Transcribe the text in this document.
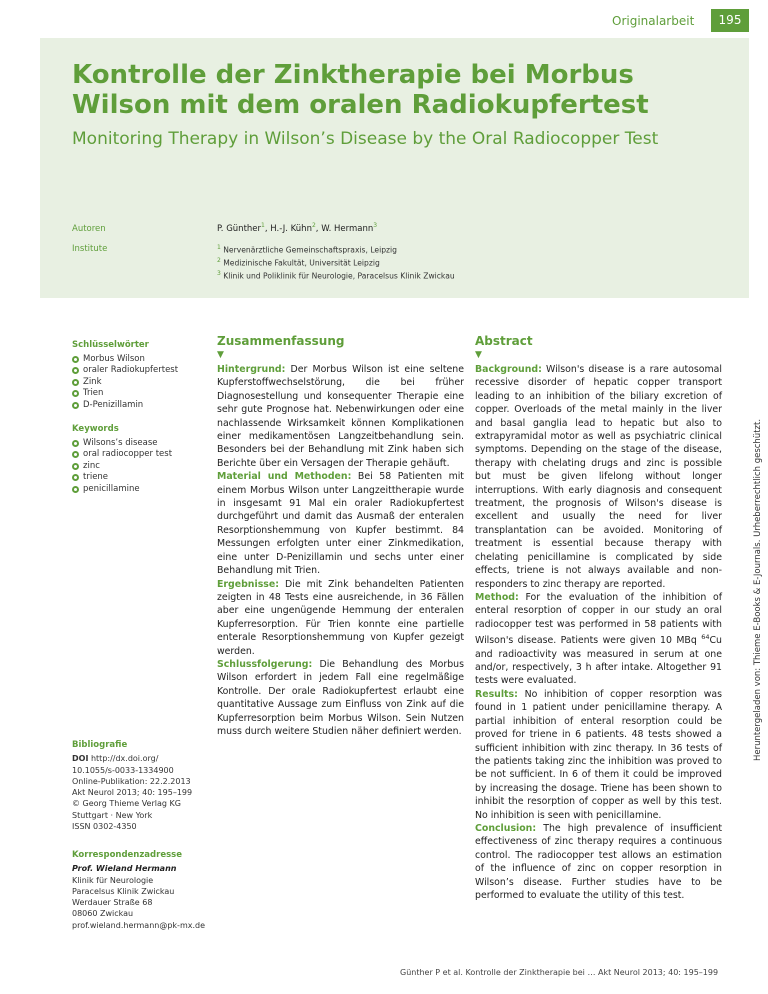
Originalarbeit	195
Kontrolle der Zinktherapie bei Morbus Wilson mit dem oralen Radiokupfertest
Monitoring Therapy in Wilson’s Disease by the Oral Radiocopper Test
Autoren
Institute
P. Günther$^1$, H.-J. Kühn$^2$, W. Hermann$^3$
$^1$ Nervenärztliche Gemeinschaftspraxis, Leipzig
$^2$ Medizinische Fakultät, Universität Leipzig
$^3$ Klinik und Poliklinik für Neurologie, Paracelsus Klinik Zwickau
Schlüsselwörter
Morbus Wilson
oraler Radiokupfertest
Zink
Trien
D-Penizillamin
Keywords
Wilsons’s disease
oral radiocopper test
zinc
triene
penicillamine
Bibliografie
DOI http://dx.doi.org/
10.1055/s-0033-1334900
Online-Publikation: 22.2.2013
Akt Neurol 2013; 40: 195–199
© Georg Thieme Verlag KG
Stuttgart · New York
ISSN 0302-4350
Korrespondenzadresse
Prof. Wieland Hermann
Klinik für Neurologie
Paracelsus Klinik Zwickau
Werdauer Straße 68
08060 Zwickau
prof.wieland.hermann@pk-mx.de
Zusammenfassung
▼

Hintergrund: Der Morbus Wilson ist eine seltene Kupferstoffwechselstörung, die bei früher Diagnosestellung und konsequenter Therapie eine sehr gute Prognose hat. Nebenwirkungen oder eine nachlassende Wirksamkeit können Komplikationen einer medikamentösen Langzeitbehandlung sein. Besonders bei der Behandlung mit Zink haben sich Berichte über ein Versagen der Therapie gehäuft.

Material und Methoden: Bei 58 Patienten mit einem Morbus Wilson unter Langzeittherapie wurde in insgesamt 91 Mal ein oraler Radiokupfertest durchgeführt und damit das Ausmaß der enteralen Resorptionshemmung von Kupfer bestimmt. 84 Messungen erfolgten unter einer Zinkmedikation, eine unter D-Penizillamin und sechs unter einer Behandlung mit Trien.

Ergebnisse: Die mit Zink behandelten Patienten zeigten in 48 Tests eine ausreichende, in 36 Fällen aber eine ungenügende Hemmung der enteralen Kupferresorption. Für Trien konnte eine partielle enterale Resorptionshemmung von Kupfer gezeigt werden.

Schlussfolgerung: Die Behandlung des Morbus Wilson erfordert in jedem Fall eine regelmäßige Kontrolle. Der orale Radiokupfertest erlaubt eine quantitative Aussage zum Einfluss von Zink auf die Kupferresorption beim Morbus Wilson. Sein Nutzen muss durch weitere Studien näher definiert werden.

Abstract
▼

Background: Wilson's disease is a rare autosomal recessive disorder of hepatic copper transport leading to an inhibition of the biliary excretion of copper. Overloads of the metal mainly in the liver and basal ganglia lead to hepatic but also to extrapyramidal motor as well as psychiatric clinical symptoms. Depending on the stage of the disease, therapy with chelating drugs and zinc is possible but must be given lifelong without longer interruptions. With early diagnosis and consequent treatment, the prognosis of Wilson's disease is excellent and usually the need for liver transplantation can be avoided. Monitoring of treatment is essential because therapy with chelating penicillamine is complicated by side effects, triene is not always available and non-responders to zinc therapy are reported.

Method: For the evaluation of the inhibition of enteral resorption of copper in our study an oral radiocopper test was performed in 58 patients with Wilson's disease. Patients were given 10 MBq $^{64}$Cu and radioactivity was measured in serum at one and/or, respectively, 3 h after intake. Altogether 91 tests were evaluated.

Results: No inhibition of copper resorption was found in 1 patient under penicillamine therapy. A partial inhibition of enteral resorption could be proved for triene in 6 patients. 48 tests showed a sufficient inhibition with zinc therapy. In 36 tests of the patients taking zinc the inhibition was proved to be not sufficient. In 6 of them it could be improved by increasing the dosage. Triene has been shown to inhibit the resorption of copper as well by this test. No inhibition is seen with penicillamine.

Conclusion: The high prevalence of insufficient effectiveness of zinc therapy requires a continuous control. The radiocopper test allows an estimation of the influence of zinc on copper resorption in Wilson’s disease. Further studies have to be performed to evaluate the utility of this test.

Heruntergeladen von: Thieme E-Books & E-Journals. Urheberrechtlich geschützt.
Günther P et al. Kontrolle der Zinktherapie bei … Akt Neurol 2013; 40: 195–199
